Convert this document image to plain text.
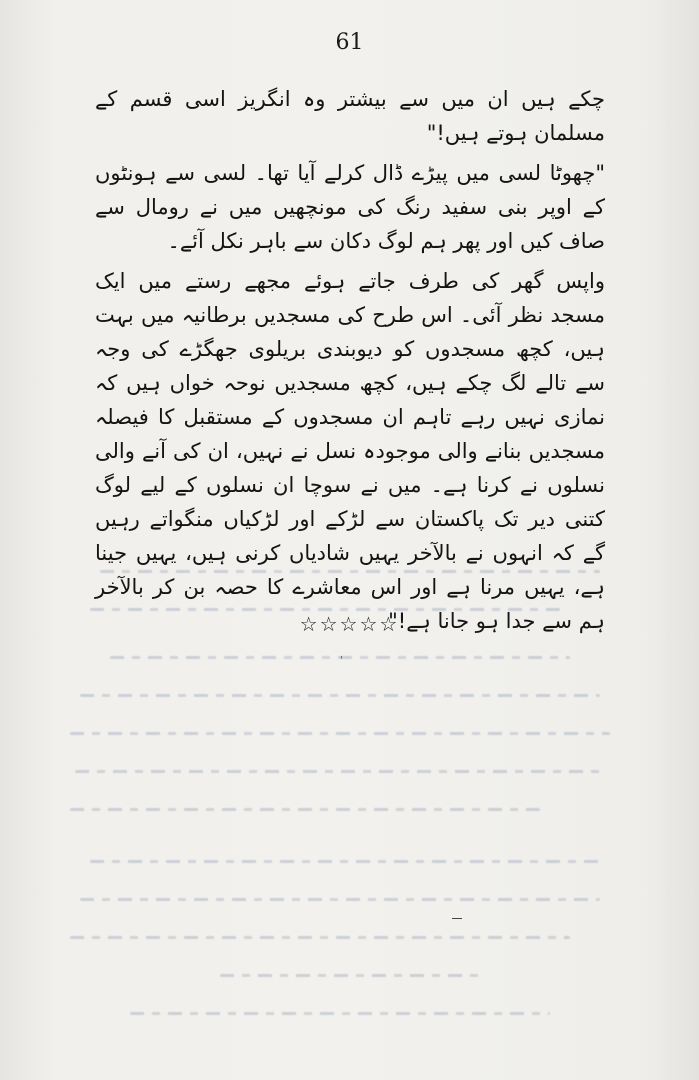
61

چکے ہیں ان میں سے بیشتر وہ انگریز اسی قسم کے مسلمان ہوتے ہیں!"

"چھوٹا لسی میں پیڑے ڈال کرلے آیا تھا۔ لسی سے ہونٹوں کے اوپر بنی سفید رنگ کی مونچھیں میں نے رومال سے صاف کیں اور پھر ہم لوگ دکان سے باہر نکل آئے۔

واپس گھر کی طرف جاتے ہوئے مجھے رستے میں ایک مسجد نظر آئی۔ اس طرح کی مسجدیں برطانیہ میں بہت ہیں، کچھ مسجدوں کو دیوبندی بریلوی جھگڑے کی وجہ سے تالے لگ چکے ہیں، کچھ مسجدیں نوحہ خواں ہیں کہ نمازی نہیں رہے تاہم ان مسجدوں کے مستقبل کا فیصلہ مسجدیں بنانے والی موجودہ نسل نے نہیں، ان کی آنے والی نسلوں نے کرنا ہے۔ میں نے سوچا ان نسلوں کے لیے لوگ کتنی دیر تک پاکستان سے لڑکے اور لڑکیاں منگواتے رہیں گے کہ انہوں نے بالآخر یہیں شادیاں کرنی ہیں، یہیں جینا ہے، یہیں مرنا ہے اور اس معاشرے کا حصہ بن کر بالآخر ہم سے جدا ہو جانا ہے!"

☆☆☆☆☆
'
